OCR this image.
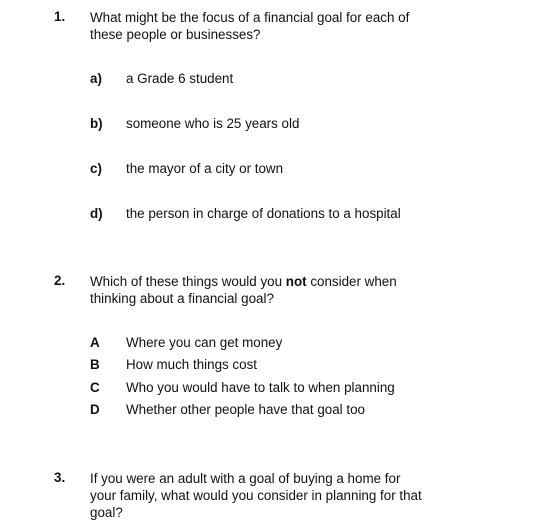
1. What might be the focus of a financial goal for each of
these people or businesses?
a) a Grade 6 student
b) someone who is 25 years old
c) the mayor of a city or town
d) the person in charge of donations to a hospital
2. Which of these things would you not consider when
thinking about a financial goal?
A Where you can get money
B How much things cost
C Who you would have to talk to when planning
D Whether other people have that goal too
3. If you were an adult with a goal of buying a home for
your family, what would you consider in planning for that
goal?
